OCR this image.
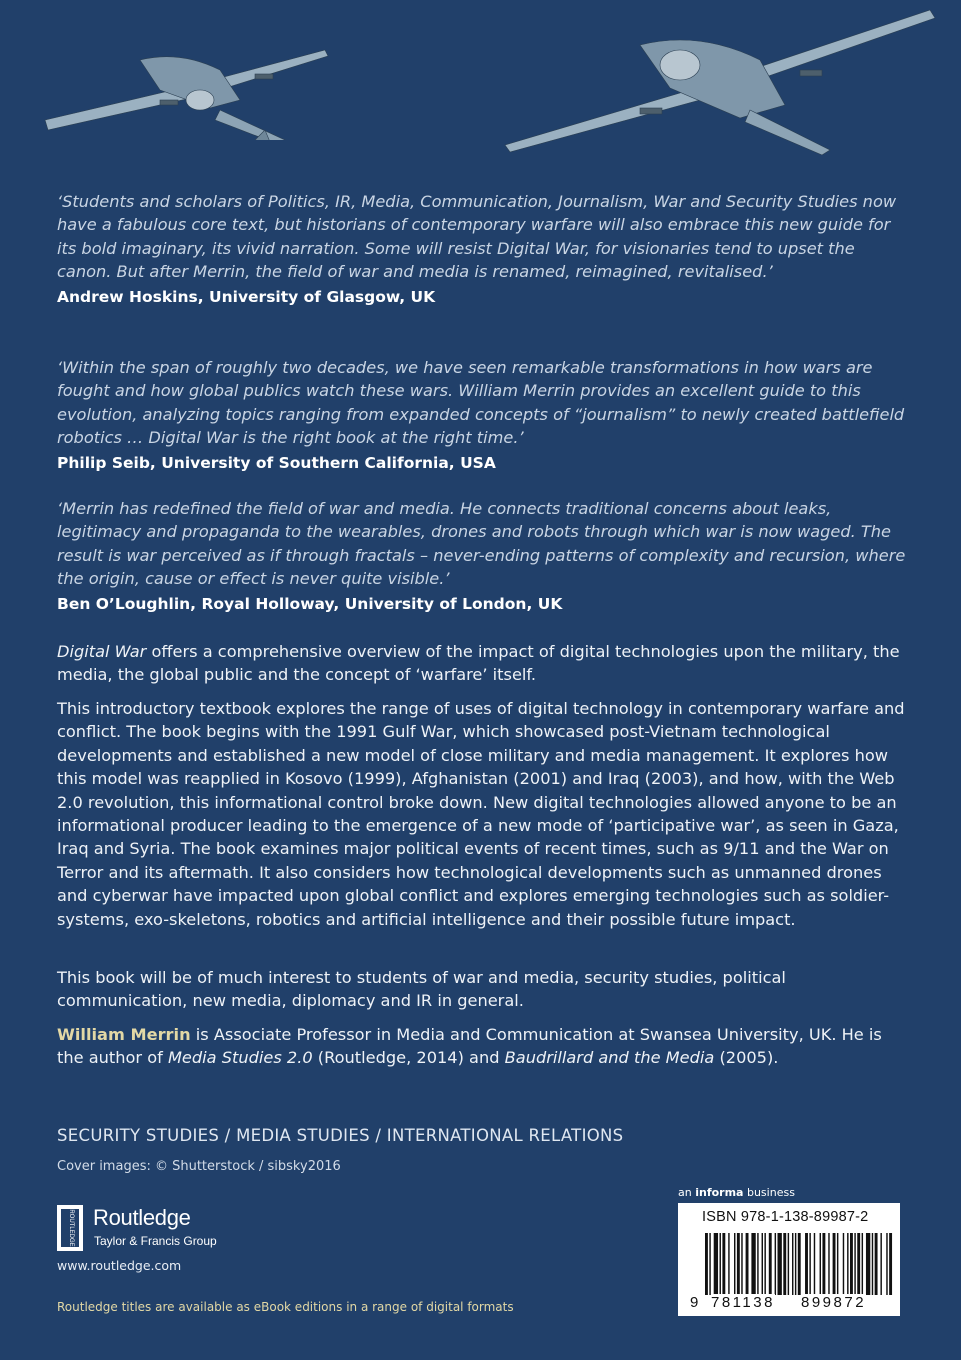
‘Students and scholars of Politics, IR, Media, Communication, Journalism, War and Security Studies now have a fabulous core text, but historians of contemporary warfare will also embrace this new guide for its bold imaginary, its vivid narration. Some will resist Digital War, for visionaries tend to upset the canon. But after Merrin, the field of war and media is renamed, reimagined, revitalised.’

Andrew Hoskins, University of Glasgow, UK

‘Within the span of roughly two decades, we have seen remarkable transformations in how wars are fought and how global publics watch these wars. William Merrin provides an excellent guide to this evolution, analyzing topics ranging from expanded concepts of “journalism” to newly created battlefield robotics … Digital War is the right book at the right time.’

Philip Seib, University of Southern California, USA

‘Merrin has redefined the field of war and media. He connects traditional concerns about leaks, legitimacy and propaganda to the wearables, drones and robots through which war is now waged. The result is war perceived as if through fractals – never-ending patterns of complexity and recursion, where the origin, cause or effect is never quite visible.’

Ben O’Loughlin, Royal Holloway, University of London, UK

Digital War offers a comprehensive overview of the impact of digital technologies upon the military, the media, the global public and the concept of ‘warfare’ itself.

This introductory textbook explores the range of uses of digital technology in contemporary warfare and conflict. The book begins with the 1991 Gulf War, which showcased post-Vietnam technological developments and established a new model of close military and media management. It explores how this model was reapplied in Kosovo (1999), Afghanistan (2001) and Iraq (2003), and how, with the Web 2.0 revolution, this informational control broke down. New digital technologies allowed anyone to be an informational producer leading to the emergence of a new mode of ‘participative war’, as seen in Gaza, Iraq and Syria. The book examines major political events of recent times, such as 9/11 and the War on Terror and its aftermath. It also considers how technological developments such as unmanned drones and cyberwar have impacted upon global conflict and explores emerging technologies such as soldier-systems, exo-skeletons, robotics and artificial intelligence and their possible future impact.

This book will be of much interest to students of war and media, security studies, political communication, new media, diplomacy and IR in general.

William Merrin is Associate Professor in Media and Communication at Swansea University, UK. He is the author of Media Studies 2.0 (Routledge, 2014) and Baudrillard and the Media (2005).

SECURITY STUDIES / MEDIA STUDIES / INTERNATIONAL RELATIONS
Cover images: © Shutterstock / sibsky2016
ROUTLEDGE Routledge
Taylor & Francis Group
www.routledge.com
Routledge titles are available as eBook editions in a range of digital formats
an informa business
ISBN 978-1-138-89987-2
9 781138 899872
